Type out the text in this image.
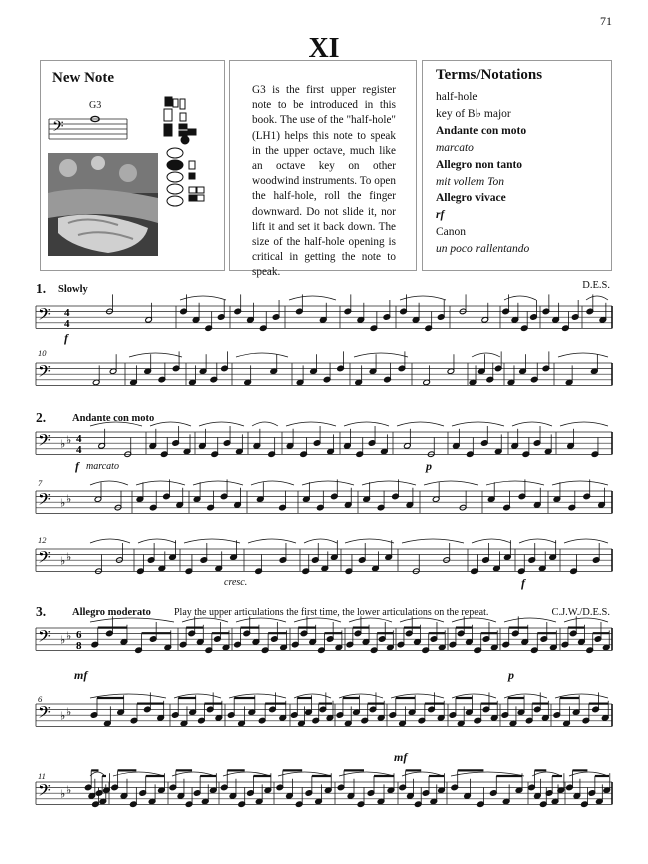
71
XI
New Note
G3
𝄢
G3 is the first upper register note to be introduced in this book. The use of the "half-hole" (LH1) helps this note to speak in the upper octave, much like an octave key on other woodwind instruments. To open the half-hole, roll the finger downward. Do not slide it, nor lift it and set it back down. The size of the half-hole opening is critical in getting the note to speak.
Terms/Notations
half-hole
key of B♭ major
Andante con moto
marcato
Allegro non tanto
mit vollem Ton
Allegro vivace
rf
Canon
un poco rallentando
1. Slowly	D.E.S.
f
10
2. Andante con moto
f marcato	p
7
12
cresc.	f
3. Allegro moderato Play the upper articulations the first time, the lower articulations on the repeat.	C.J.W./D.E.S.
mf	p
6
mf
11
𝄢 4
4
𝄢
𝄢 ♭ ♭ 4
4
𝄢 ♭ ♭
𝄢 ♭ ♭
𝄢 ♭ ♭ 6
8
𝄢 ♭ ♭
𝄢 ♭ ♭
